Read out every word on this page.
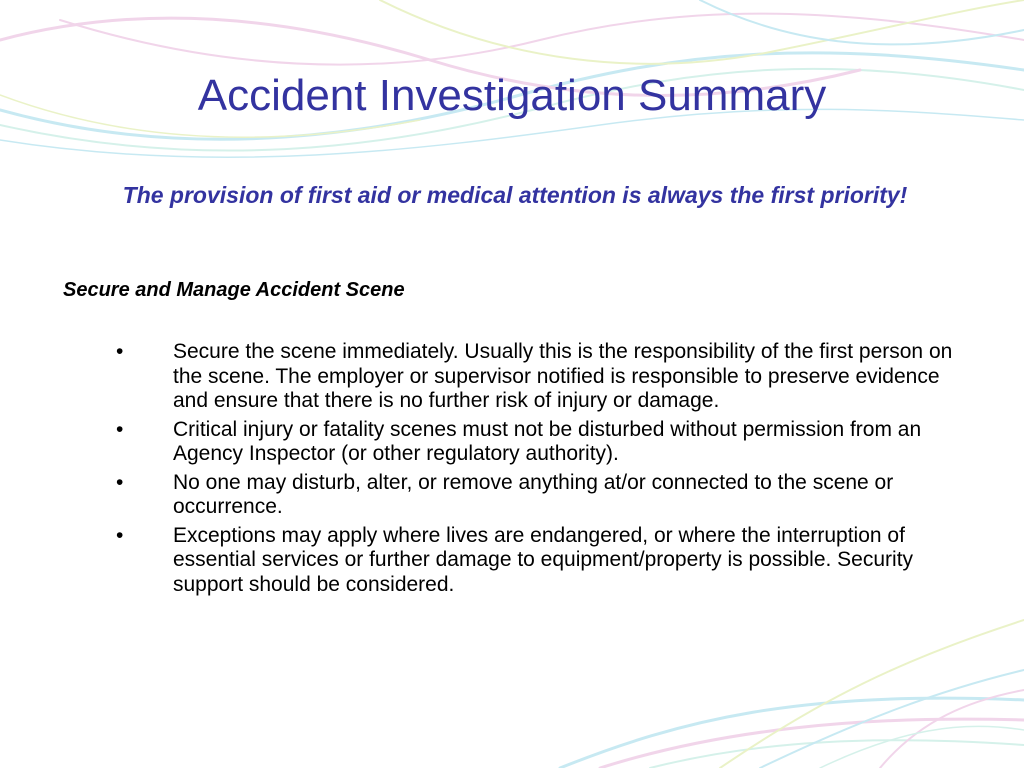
Accident Investigation Summary

The provision of first aid or medical attention is always the first priority!

Secure and Manage Accident Scene

• Secure the scene immediately. Usually this is the responsibility of the first person on the scene. The employer or supervisor notified is responsible to preserve evidence and ensure that there is no further risk of injury or damage.
• Critical injury or fatality scenes must not be disturbed without permission from an Agency Inspector (or other regulatory authority).
• No one may disturb, alter, or remove anything at/or connected to the scene or occurrence.
• Exceptions may apply where lives are endangered, or where the interruption of essential services or further damage to equipment/property is possible. Security support should be considered.
